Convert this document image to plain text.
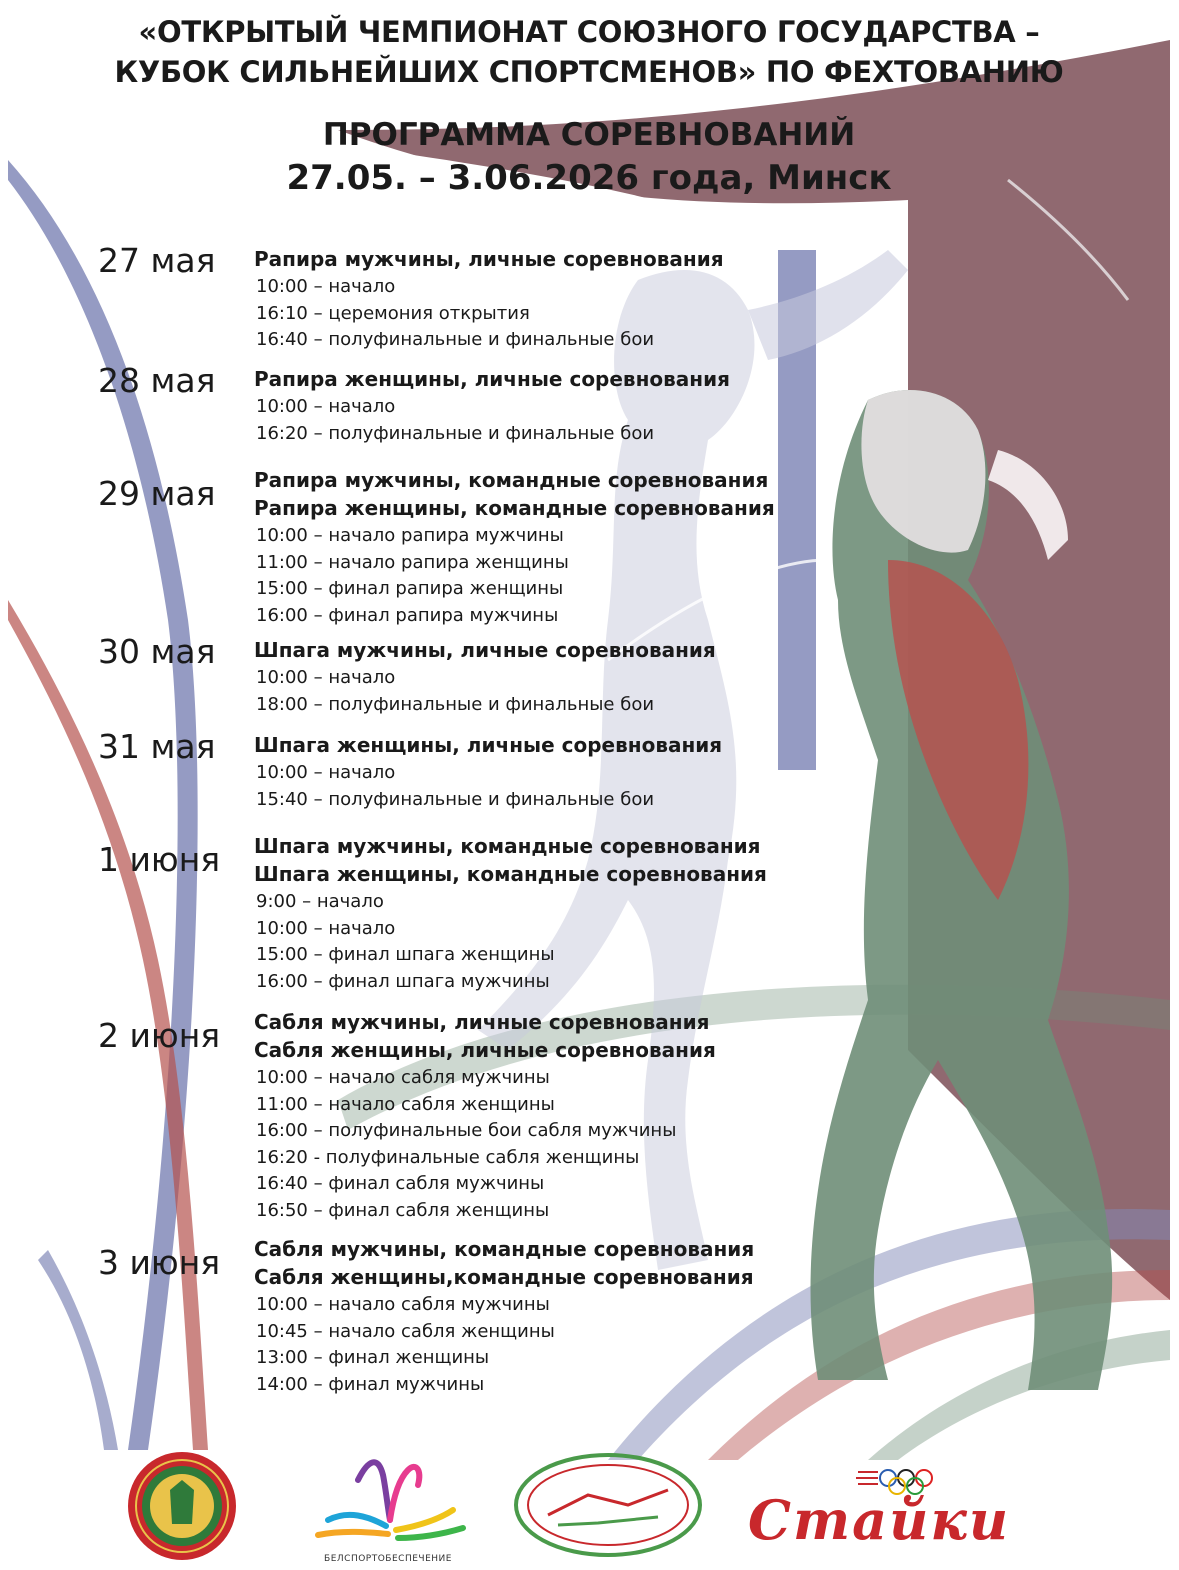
«ОТКРЫТЫЙ ЧЕМПИОНАТ СОЮЗНОГО ГОСУДАРСТВА –
КУБОК СИЛЬНЕЙШИХ СПОРТСМЕНОВ» ПО ФЕХТОВАНИЮ
ПРОГРАММА СОРЕВНОВАНИЙ
27.05. – 3.06.2026 года, Минск
27 мая Рапира мужчины, личные соревнования
10:00 – начало
16:10 – церемония открытия
16:40 – полуфинальные и финальные бои
28 мая Рапира женщины, личные соревнования
10:00 – начало
16:20 – полуфинальные и финальные бои
29 мая Рапира мужчины, командные соревнования
Рапира женщины, командные соревнования
10:00 – начало рапира мужчины
11:00 – начало рапира женщины
15:00 – финал рапира женщины
16:00 – финал рапира мужчины
30 мая Шпага мужчины, личные соревнования
10:00 – начало
18:00 – полуфинальные и финальные бои
31 мая Шпага женщины, личные соревнования
10:00 – начало
15:40 – полуфинальные и финальные бои
1 июня Шпага мужчины, командные соревнования
Шпага женщины, командные соревнования
9:00 – начало
10:00 – начало
15:00 – финал шпага женщины
16:00 – финал шпага мужчины
2 июня Сабля мужчины, личные соревнования
Сабля женщины, личные соревнования
10:00 – начало сабля мужчины
11:00 – начало сабля женщины
16:00 – полуфинальные бои сабля мужчины
16:20 - полуфинальные сабля женщины
16:40 – финал сабля мужчины
16:50 – финал сабля женщины
3 июня Сабля мужчины, командные соревнования
Сабля женщины,командные соревнования
10:00 – начало сабля мужчины
10:45 – начало сабля женщины
13:00 – финал женщины
14:00 – финал мужчины
БЕЛСПОРТОБЕСПЕЧЕНИЕ
Стайки
